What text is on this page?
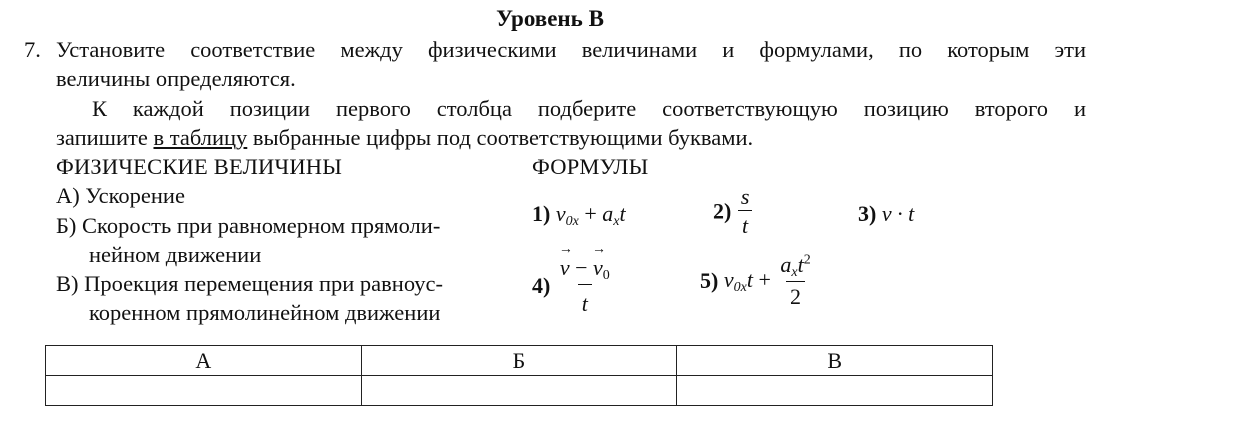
Уровень В
7. Установите соответствие между физическими величинами и формулами, по которым эти
величины определяются.
К каждой позиции первого столбца подберите соответствующую позицию второго и
запишите в таблицу выбранные цифры под соответствующими буквами.
ФИЗИЧЕСКИЕ ВЕЛИЧИНЫ
А) Ускорение
Б) Скорость при равномерном прямоли-
нейном движении
В) Проекция перемещения при равноус-
коренном прямолинейном движении
ФОРМУЛЫ
1) $v_{0x} + a_xt$	$2) \frac{s}{t}$	3) v · t
$4) \to \frac{v - \to v_0}{t}$	5) $v_{0x}t + \frac{a_xt^2}{2}$
А	Б	В
